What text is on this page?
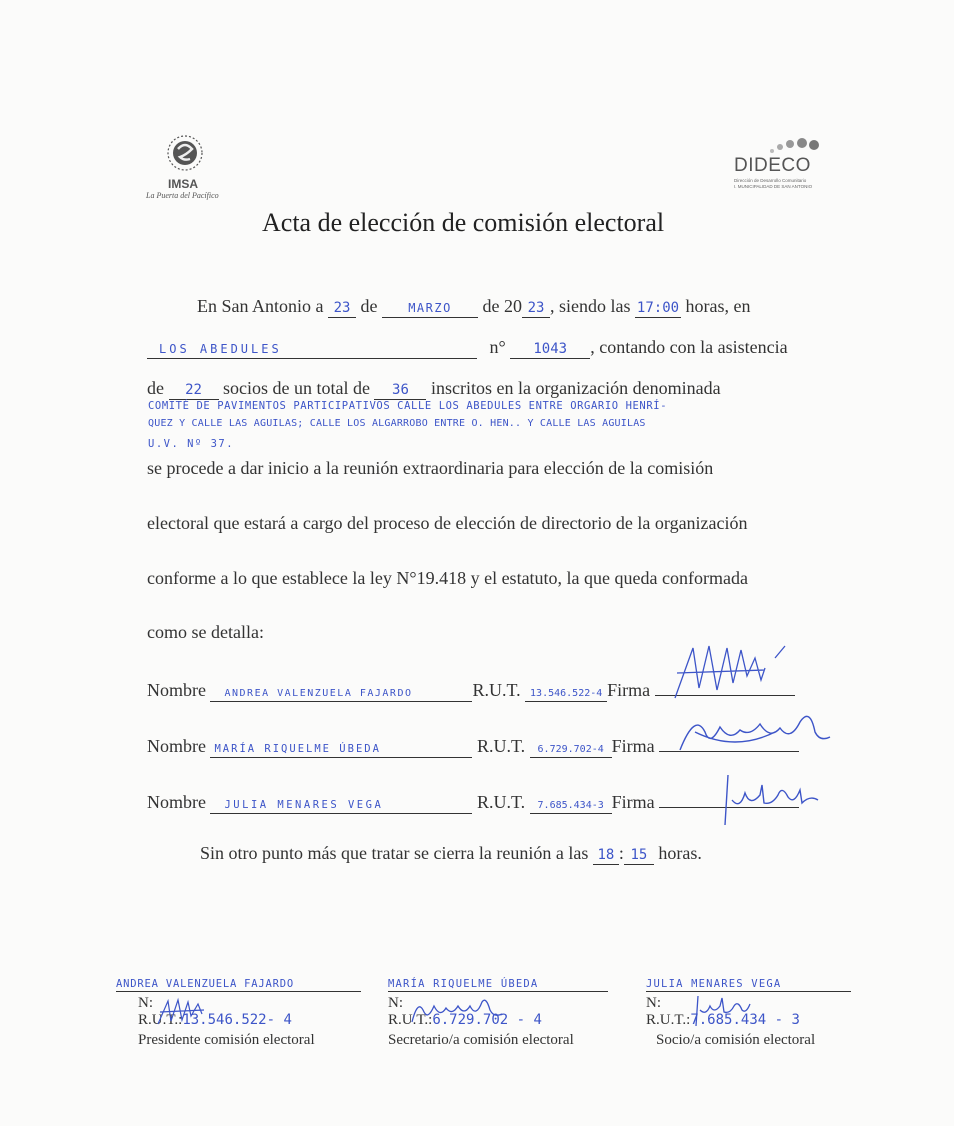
IMSA
La Puerta del Pacífico
DIDECO
Dirección de Desarrollo Comunitario
I. MUNICIPALIDAD DE SAN ANTONIO
Acta de elección de comisión electoral
En San Antonio a 23 de	MARZO de 20 23 , siendo las 17:00 horas, en
LOS ABEDULES	n° 1043 , contando con la asistencia
de 22 socios de un total de 36 inscritos en la organización denominada
COMITÉ DE PAVIMENTOS PARTICIPATIVOS CALLE LOS ABEDULES ENTRE ORGARIO HENRÍ-
QUEZ Y CALLE LAS AGUILAS; CALLE LOS ALGARROBO ENTRE O. HEN.. Y CALLE LAS AGUILAS
U.V. Nº 37.
se procede a dar inicio a la reunión extraordinaria para elección de la comisión
electoral que estará a cargo del proceso de elección de directorio de la organización
conforme a lo que establece la ley N°19.418 y el estatuto, la que queda conformada
como se detalla:
Nombre ANDREA VALENZUELA FAJARDO	R.U.T. 13.546.522-4 Firma
Nombre MARÍA RIQUELME ÚBEDA	R.U.T. 6.729.702-4 Firma
Nombre JULIA MENARES VEGA	R.U.T. 7.685.434-3 Firma
Sin otro punto más que tratar se cierra la reunión a las 18 : 15 horas.
ANDREA VALENZUELA FAJARDO
N:
R.U.T.:13.546.522- 4
Presidente comisión electoral
MARÍA RIQUELME ÚBEDA
N:
R.U.T.:6.729.702 - 4
Secretario/a comisión electoral
JULIA MENARES VEGA
N:
R.U.T.:7.685.434 - 3
Socio/a comisión electoral
